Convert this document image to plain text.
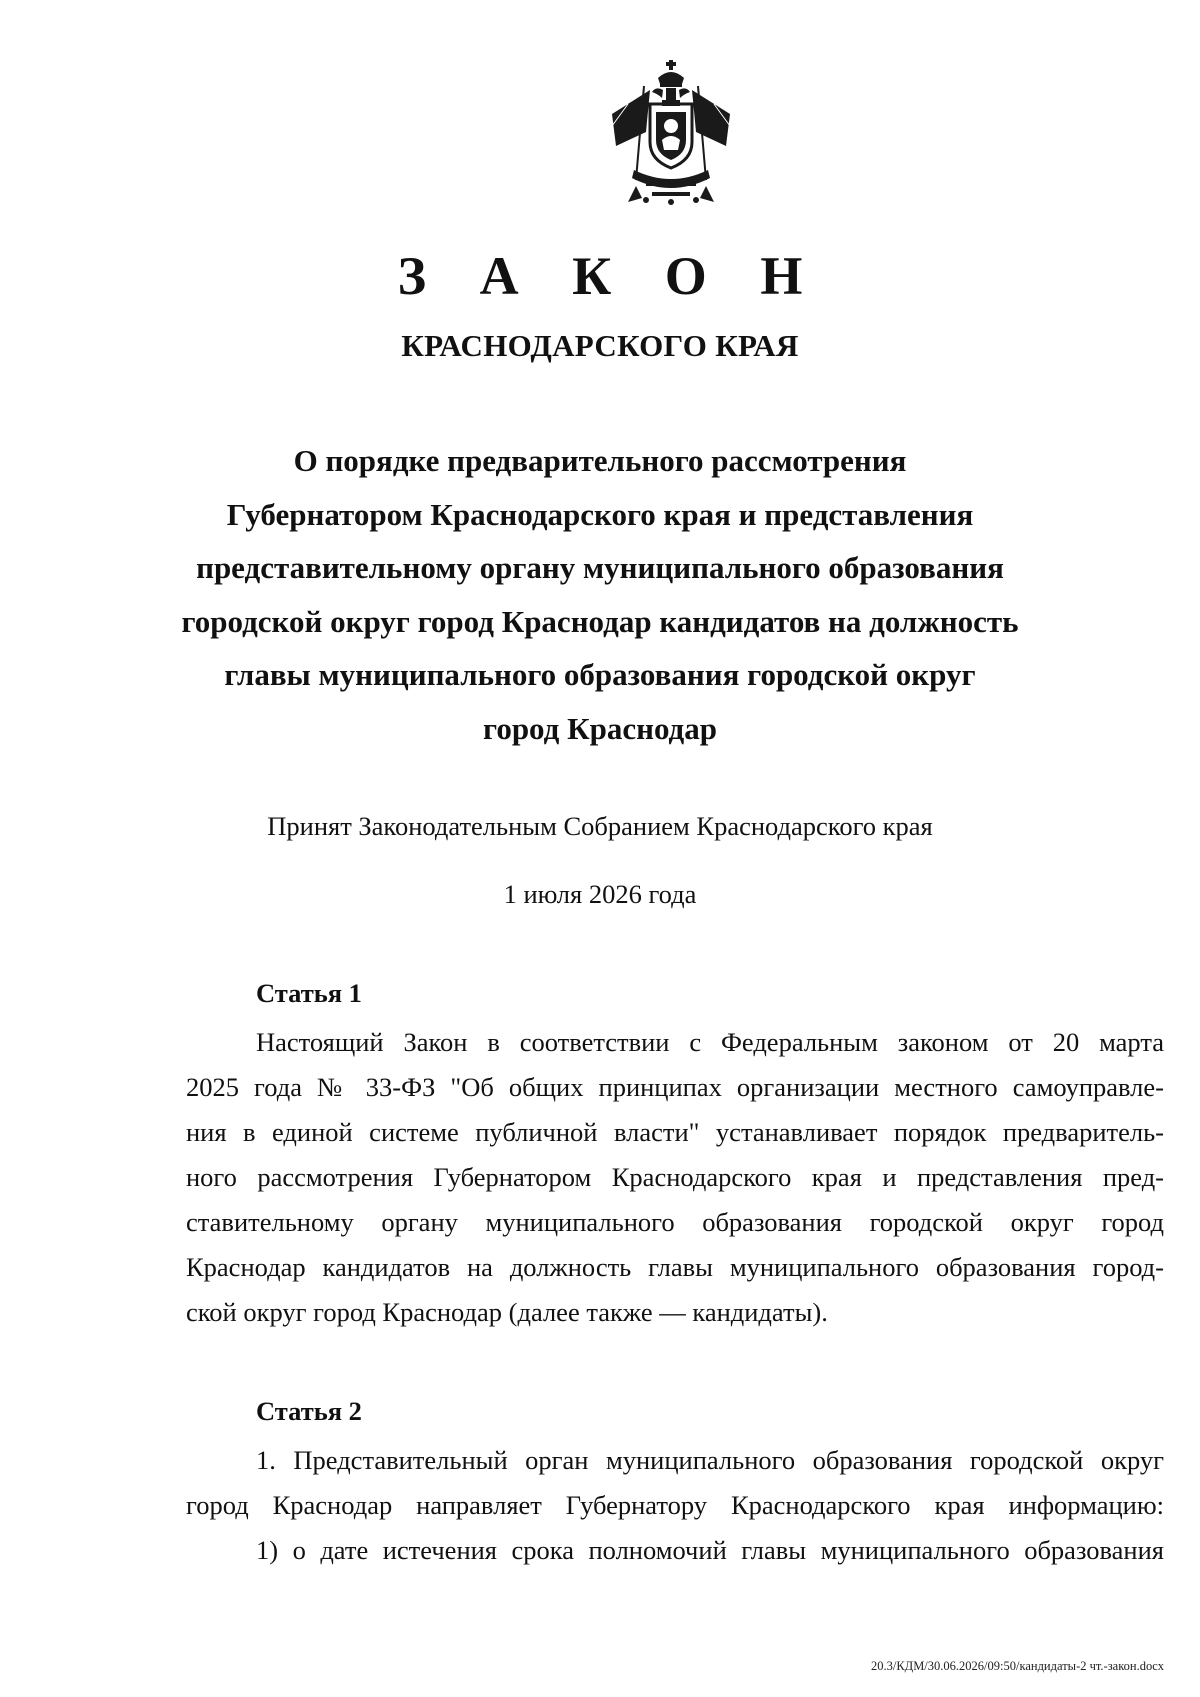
З А К О Н
КРАСНОДАРСКОГО КРАЯ
О порядке предварительного рассмотрения
Губернатором Краснодарского края и представления
представительному органу муниципального образования
городской округ город Краснодар кандидатов на должность
главы муниципального образования городской округ
город Краснодар
Принят Законодательным Собранием Краснодарского края
1 июля 2026 года
Статья 1
Настоящий Закон в соответствии с Федеральным законом от 20 марта
2025 года № 33-ФЗ "Об общих принципах организации местного самоуправле-
ния в единой системе публичной власти" устанавливает порядок предваритель-
ного рассмотрения Губернатором Краснодарского края и представления пред-
ставительному органу муниципального образования городской округ город
Краснодар кандидатов на должность главы муниципального образования город-
ской округ город Краснодар (далее также — кандидаты).
Статья 2
1. Представительный орган муниципального образования городской округ
город Краснодар направляет Губернатору Краснодарского края информацию:
1) о дате истечения срока полномочий главы муниципального образования
20.3/КДМ/30.06.2026/09:50/кандидаты-2 чт.-закон.docx
